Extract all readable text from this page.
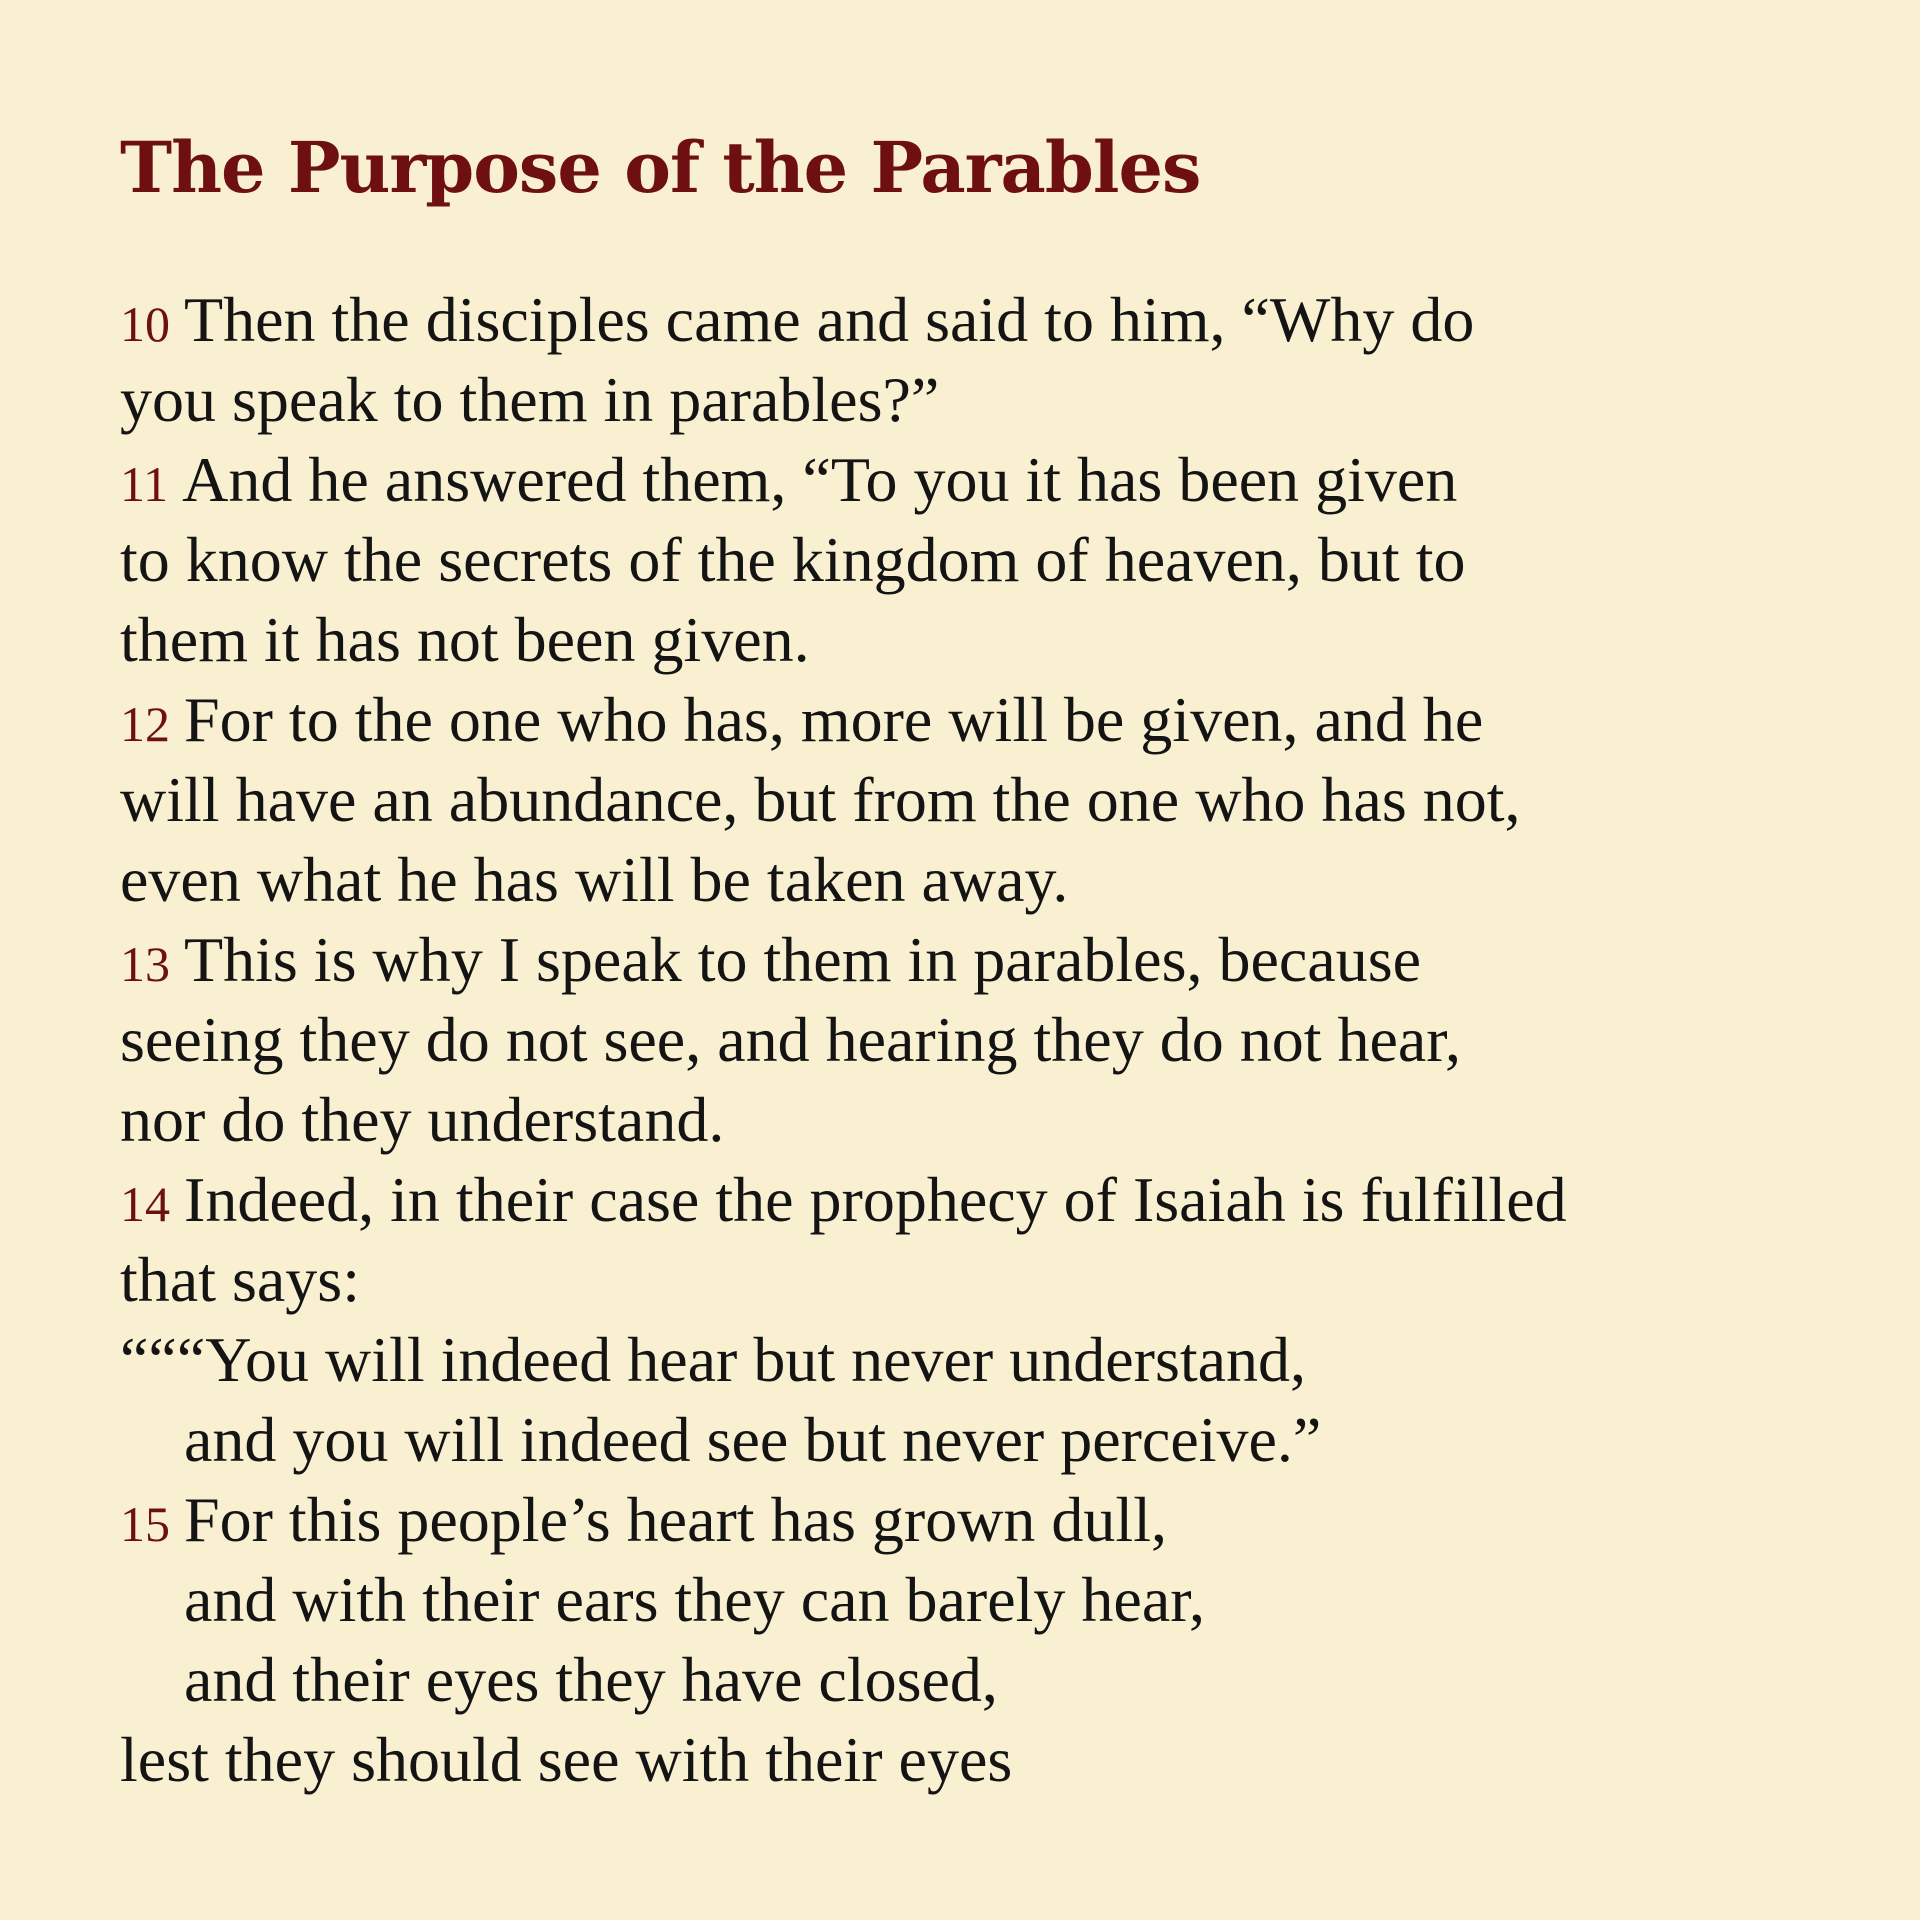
The Purpose of the Parables
10 Then the disciples came and said to him, “Why do
you speak to them in parables?”
11 And he answered them, “To you it has been given
to know the secrets of the kingdom of heaven, but to
them it has not been given.
12 For to the one who has, more will be given, and he
will have an abundance, but from the one who has not,
even what he has will be taken away.
13 This is why I speak to them in parables, because
seeing they do not see, and hearing they do not hear,
nor do they understand.
14 Indeed, in their case the prophecy of Isaiah is fulfilled
that says:
“““You will indeed hear but never understand,
and you will indeed see but never perceive.”
15 For this people’s heart has grown dull,
and with their ears they can barely hear,
and their eyes they have closed,
lest they should see with their eyes
